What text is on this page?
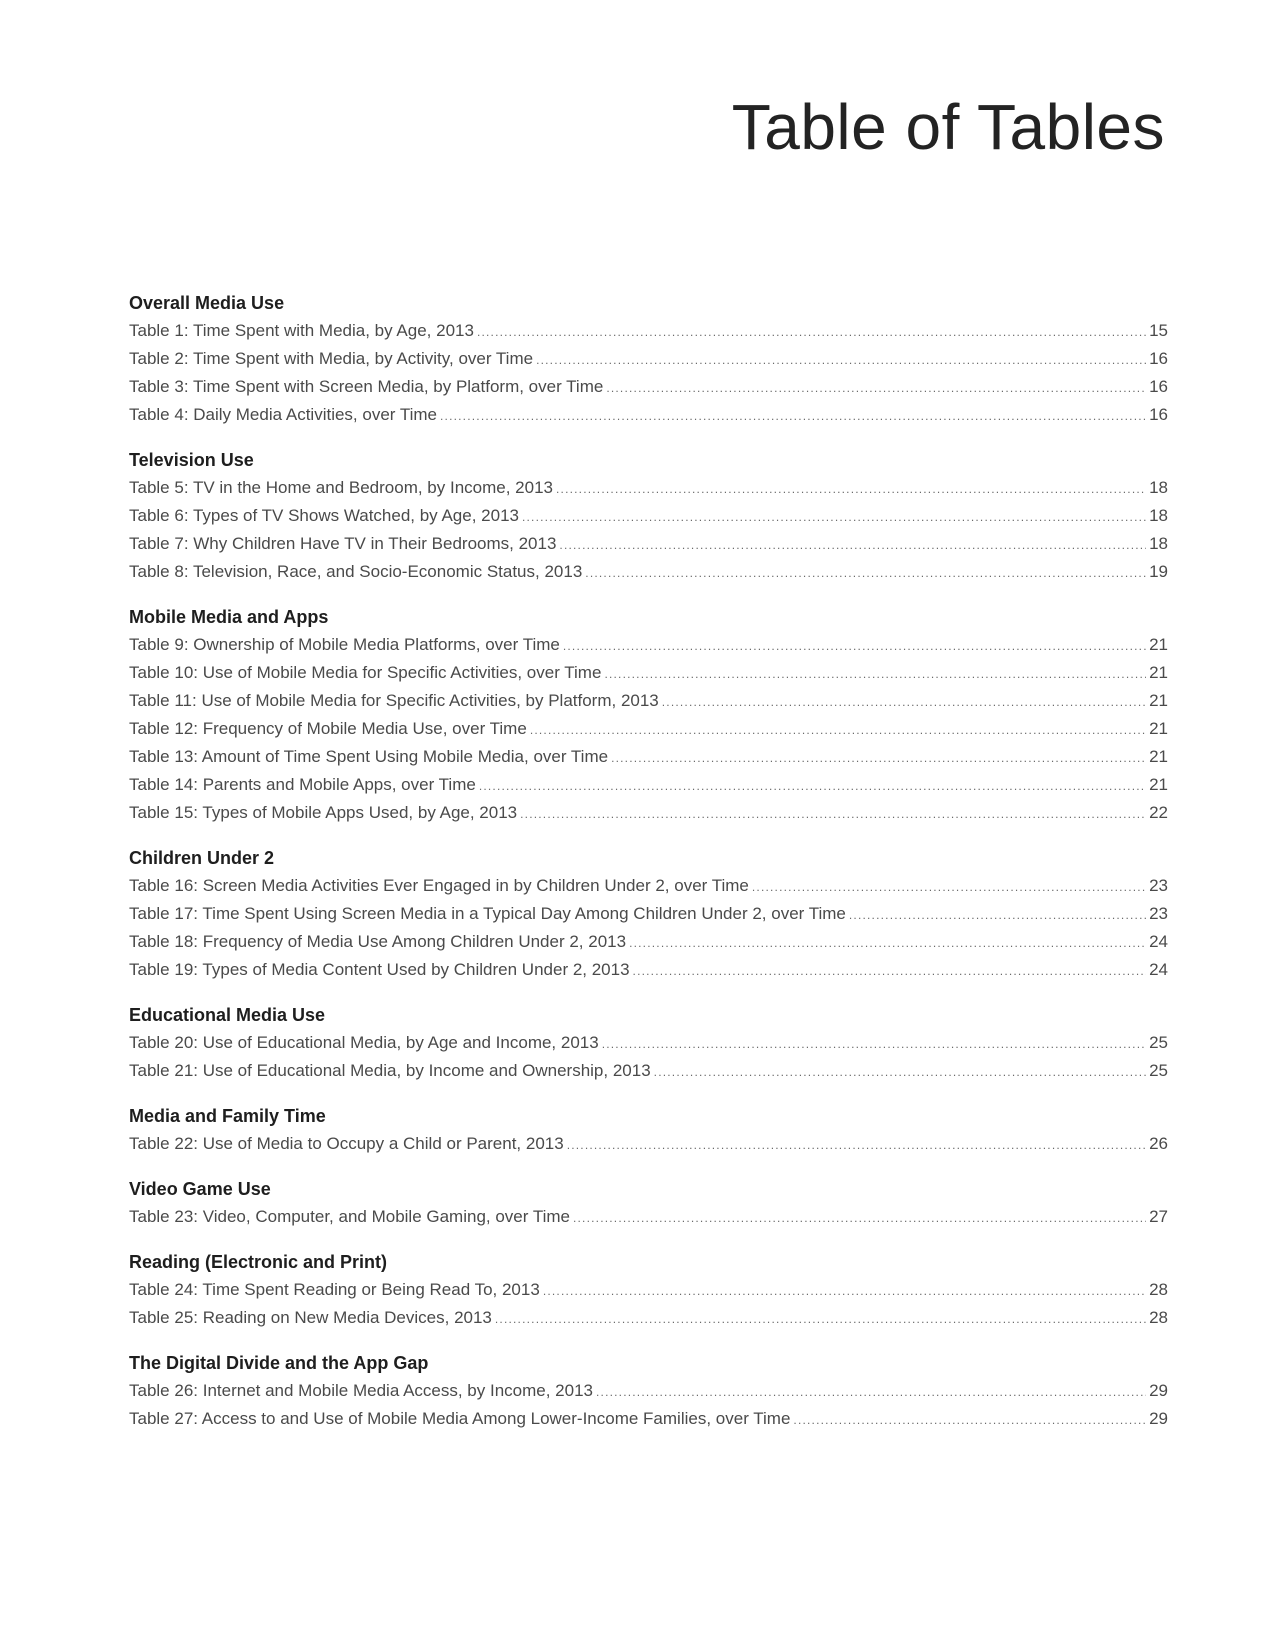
Table of Tables
Overall Media Use
Table 1: Time Spent with Media, by Age, 2013 .....	15
Table 2: Time Spent with Media, by Activity, over Time .....	16
Table 3: Time Spent with Screen Media, by Platform, over Time .....	16
Table 4: Daily Media Activities, over Time .....	16
Television Use
Table 5: TV in the Home and Bedroom, by Income, 2013 .....	18
Table 6: Types of TV Shows Watched, by Age, 2013 .....	18
Table 7: Why Children Have TV in Their Bedrooms, 2013 .....	18
Table 8: Television, Race, and Socio-Economic Status, 2013 .....	19
Mobile Media and Apps
Table 9: Ownership of Mobile Media Platforms, over Time .....	21
Table 10: Use of Mobile Media for Specific Activities, over Time .....	21
Table 11: Use of Mobile Media for Specific Activities, by Platform, 2013 .....	21
Table 12: Frequency of Mobile Media Use, over Time .....	21
Table 13: Amount of Time Spent Using Mobile Media, over Time .....	21
Table 14: Parents and Mobile Apps, over Time .....	21
Table 15: Types of Mobile Apps Used, by Age, 2013 .....	22
Children Under 2
Table 16: Screen Media Activities Ever Engaged in by Children Under 2, over Time .....	23
Table 17: Time Spent Using Screen Media in a Typical Day Among Children Under 2, over Time .....	23
Table 18: Frequency of Media Use Among Children Under 2, 2013 .....	24
Table 19: Types of Media Content Used by Children Under 2, 2013 .....	24
Educational Media Use
Table 20: Use of Educational Media, by Age and Income, 2013 .....	25
Table 21: Use of Educational Media, by Income and Ownership, 2013 .....	25
Media and Family Time
Table 22: Use of Media to Occupy a Child or Parent, 2013 .....	26
Video Game Use
Table 23: Video, Computer, and Mobile Gaming, over Time .....	27
Reading (Electronic and Print)
Table 24: Time Spent Reading or Being Read To, 2013 .....	28
Table 25: Reading on New Media Devices, 2013 .....	28
The Digital Divide and the App Gap
Table 26: Internet and Mobile Media Access, by Income, 2013 .....	29
Table 27: Access to and Use of Mobile Media Among Lower-Income Families, over Time .....	29
